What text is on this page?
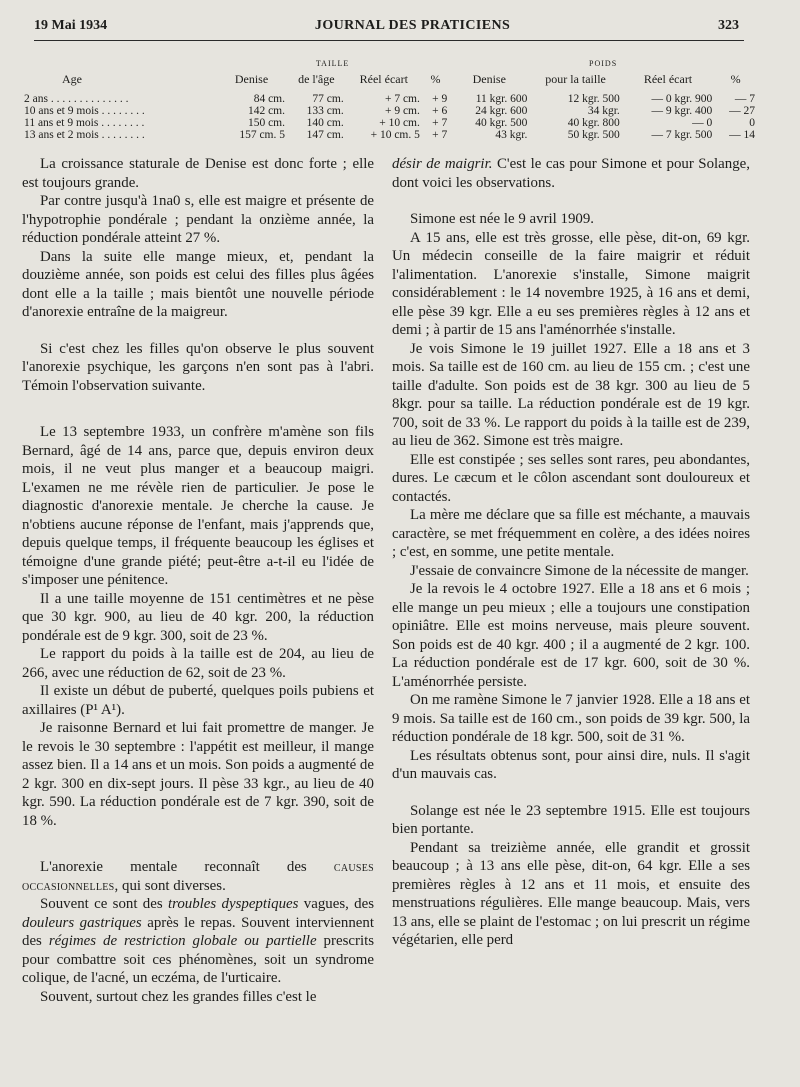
19 Mai 1934	JOURNAL DES PRATICIENS	323
	TAILLE				POIDS			
Age	Denise	de l'âge	Réel écart	%	Denise	pour la taille	Réel écart	%
2 ans . . . . . . . . . . . . . .	84 cm.	77 cm.	+ 7 cm.	+ 9	11 kgr. 600	12 kgr. 500	— 0 kgr. 900	— 7
10 ans et 9 mois . . . . . . . .	142 cm.	133 cm.	+ 9 cm.	+ 6	24 kgr. 600	34 kgr.	— 9 kgr. 400	— 27
11 ans et 9 mois . . . . . . . .	150 cm.	140 cm.	+ 10 cm.	+ 7	40 kgr. 500	40 kgr. 800	— 0	0
13 ans et 2 mois . . . . . . . .	157 cm. 5	147 cm.	+ 10 cm. 5	+ 7	43 kgr.	50 kgr. 500	— 7 kgr. 500	— 14

La croissance staturale de Denise est donc forte ; elle est toujours grande.

Par contre jusqu'à 1na0 s, elle est maigre et présente de l'hypotrophie pondérale ; pendant la onzième année, la réduction pondérale atteint 27 %.

Dans la suite elle mange mieux, et, pendant la douzième année, son poids est celui des filles plus âgées dont elle a la taille ; mais bientôt une nouvelle période d'anorexie entraîne de la maigreur.

Si c'est chez les filles qu'on observe le plus souvent l'anorexie psychique, les garçons n'en sont pas à l'abri. Témoin l'observation suivante.

Le 13 septembre 1933, un confrère m'amène son fils Bernard, âgé de 14 ans, parce que, depuis environ deux mois, il ne veut plus manger et a beaucoup maigri. L'examen ne me révèle rien de particulier. Je pose le diagnostic d'anorexie mentale. Je cherche la cause. Je n'obtiens aucune réponse de l'enfant, mais j'apprends que, depuis quelque temps, il fréquente beaucoup les églises et témoigne d'une grande piété; peut-être a-t-il eu l'idée de s'imposer une pénitence.

Il a une taille moyenne de 151 centimètres et ne pèse que 30 kgr. 900, au lieu de 40 kgr. 200, la réduction pondérale est de 9 kgr. 300, soit de 23 %.

Le rapport du poids à la taille est de 204, au lieu de 266, avec une réduction de 62, soit de 23 %.

Il existe un début de puberté, quelques poils pubiens et axillaires (P¹ A¹).

Je raisonne Bernard et lui fait promettre de manger. Je le revois le 30 septembre : l'appétit est meilleur, il mange assez bien. Il a 14 ans et un mois. Son poids a augmenté de 2 kgr. 300 en dix-sept jours. Il pèse 33 kgr., au lieu de 40 kgr. 590. La réduction pondérale est de 7 kgr. 390, soit de 18 %.

L'anorexie mentale reconnaît des causes occasionnelles, qui sont diverses.

Souvent ce sont des troubles dyspeptiques vagues, des douleurs gastriques après le repas. Souvent interviennent des régimes de restriction globale ou partielle prescrits pour combattre soit ces phénomènes, soit un syndrome colique, de l'acné, un eczéma, de l'urticaire.

Souvent, surtout chez les grandes filles c'est le

désir de maigrir. C'est le cas pour Simone et pour Solange, dont voici les observations.

Simone est née le 9 avril 1909.

A 15 ans, elle est très grosse, elle pèse, dit-on, 69 kgr. Un médecin conseille de la faire maigrir et réduit l'alimentation. L'anorexie s'installe, Simone maigrit considérablement : le 14 novembre 1925, à 16 ans et demi, elle pèse 39 kgr. Elle a eu ses premières règles à 12 ans et demi ; à partir de 15 ans l'aménorrhée s'installe.

Je vois Simone le 19 juillet 1927. Elle a 18 ans et 3 mois. Sa taille est de 160 cm. au lieu de 155 cm. ; c'est une taille d'adulte. Son poids est de 38 kgr. 300 au lieu de 5 8kgr. pour sa taille. La réduction pondérale est de 19 kgr. 700, soit de 33 %. Le rapport du poids à la taille est de 239, au lieu de 362. Simone est très maigre.

Elle est constipée ; ses selles sont rares, peu abondantes, dures. Le cæcum et le côlon ascendant sont douloureux et contactés.

La mère me déclare que sa fille est méchante, a mauvais caractère, se met fréquemment en colère, a des idées noires ; c'est, en somme, une petite mentale.

J'essaie de convaincre Simone de la nécessite de manger.

Je la revois le 4 octobre 1927. Elle a 18 ans et 6 mois ; elle mange un peu mieux ; elle a toujours une constipation opiniâtre. Elle est moins nerveuse, mais pleure souvent. Son poids est de 40 kgr. 400 ; il a augmenté de 2 kgr. 100. La réduction pondérale est de 17 kgr. 600, soit de 30 %. L'aménorrhée persiste.

On me ramène Simone le 7 janvier 1928. Elle a 18 ans et 9 mois. Sa taille est de 160 cm., son poids de 39 kgr. 500, la réduction pondérale de 18 kgr. 500, soit de 31 %.

Les résultats obtenus sont, pour ainsi dire, nuls. Il s'agit d'un mauvais cas.

Solange est née le 23 septembre 1915. Elle est toujours bien portante.

Pendant sa treizième année, elle grandit et grossit beaucoup ; à 13 ans elle pèse, dit-on, 64 kgr. Elle a ses premières règles à 12 ans et 11 mois, et ensuite des menstruations régulières. Elle mange beaucoup. Mais, vers 13 ans, elle se plaint de l'estomac ; on lui prescrit un régime végétarien, elle perd
